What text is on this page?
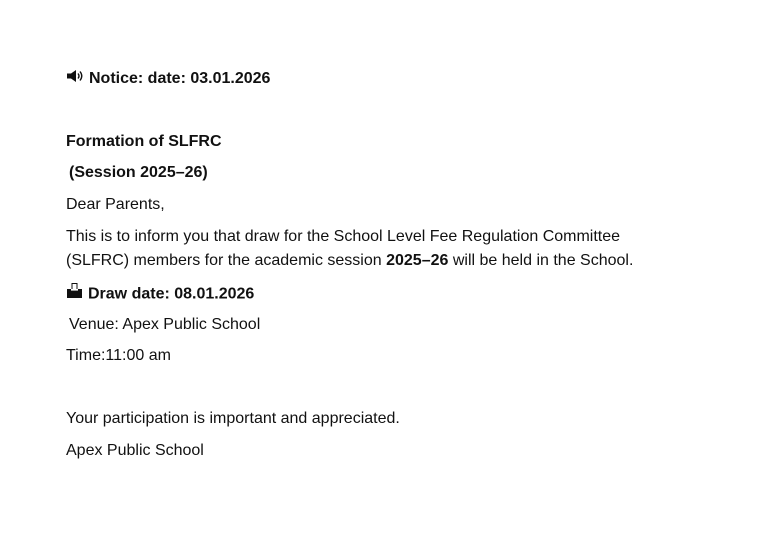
Notice: date: 03.01.2026
Formation of SLFRC
(Session 2025–26)
Dear Parents,
This is to inform you that draw for the School Level Fee Regulation Committee
(SLFRC) members for the academic session 2025–26 will be held in the School.
Draw date: 08.01.2026
Venue: Apex Public School
Time:11:00 am
Your participation is important and appreciated.
Apex Public School
